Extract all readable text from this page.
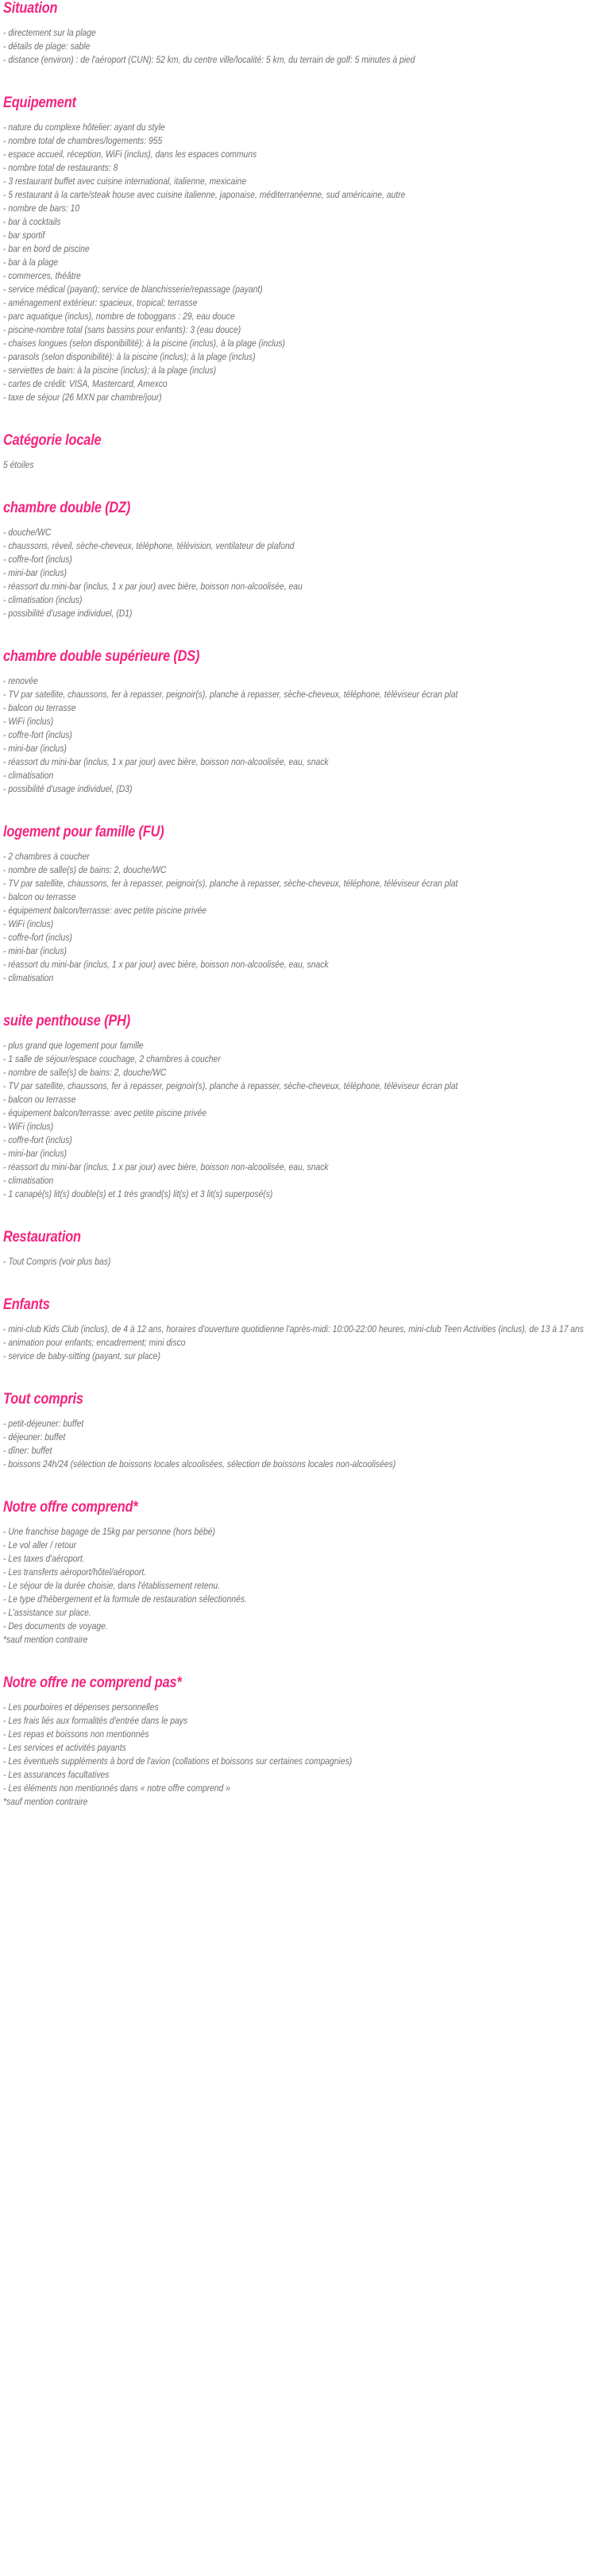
Situation
- directement sur la plage
- détails de plage: sable
- distance (environ) : de l'aéroport (CUN): 52 km, du centre ville/localité: 5 km, du terrain de golf: 5 minutes à pied
Equipement
- nature du complexe hôtelier: ayant du style
- nombre total de chambres/logements: 955
- espace accueil, réception, WiFi (inclus), dans les espaces communs
- nombre total de restaurants: 8
- 3 restaurant buffet avec cuisine international, italienne, mexicaine
- 5 restaurant à la carte/steak house avec cuisine italienne, japonaise, méditerranéenne, sud américaine, autre
- nombre de bars: 10
- bar à cocktails
- bar sportif
- bar en bord de piscine
- bar à la plage
- commerces, théâtre
- service médical (payant); service de blanchisserie/repassage (payant)
- aménagement extérieur: spacieux, tropical; terrasse
- parc aquatique (inclus), nombre de toboggans : 29, eau douce
- piscine-nombre total (sans bassins pour enfants): 3 (eau douce)
- chaises longues (selon disponibillité): à la piscine (inclus), à la plage (inclus)
- parasols (selon disponibilité): à la piscine (inclus); à la plage (inclus)
- serviettes de bain: à la piscine (inclus); à la plage (inclus)
- cartes de crédit: VISA, Mastercard, Amexco
- taxe de séjour (26 MXN par chambre/jour)
Catégorie locale
5 étoiles
chambre double (DZ)
- douche/WC
- chaussons, réveil, sèche-cheveux, téléphone, télévision, ventilateur de plafond
- coffre-fort (inclus)
- mini-bar (inclus)
- réassort du mini-bar (inclus, 1 x par jour) avec bière, boisson non-alcoolisée, eau
- climatisation (inclus)
- possibilité d'usage individuel, (D1)
chambre double supérieure (DS)
- renovée
- TV par satellite, chaussons, fer à repasser, peignoir(s), planche à repasser, sèche-cheveux, téléphone, téléviseur écran plat
- balcon ou terrasse
- WiFi (inclus)
- coffre-fort (inclus)
- mini-bar (inclus)
- réassort du mini-bar (inclus, 1 x par jour) avec bière, boisson non-alcoolisée, eau, snack
- climatisation
- possibilité d'usage individuel, (D3)
logement pour famille (FU)
- 2 chambres à coucher
- nombre de salle(s) de bains: 2, douche/WC
- TV par satellite, chaussons, fer à repasser, peignoir(s), planche à repasser, sèche-cheveux, téléphone, téléviseur écran plat
- balcon ou terrasse
- équipement balcon/terrasse: avec petite piscine privée
- WiFi (inclus)
- coffre-fort (inclus)
- mini-bar (inclus)
- réassort du mini-bar (inclus, 1 x par jour) avec bière, boisson non-alcoolisée, eau, snack
- climatisation
suite penthouse (PH)
- plus grand que logement pour famille
- 1 salle de séjour/espace couchage, 2 chambres à coucher
- nombre de salle(s) de bains: 2, douche/WC
- TV par satellite, chaussons, fer à repasser, peignoir(s), planche à repasser, sèche-cheveux, téléphone, téléviseur écran plat
- balcon ou terrasse
- équipement balcon/terrasse: avec petite piscine privée
- WiFi (inclus)
- coffre-fort (inclus)
- mini-bar (inclus)
- réassort du mini-bar (inclus, 1 x par jour) avec bière, boisson non-alcoolisée, eau, snack
- climatisation
- 1 canapé(s) lit(s) double(s) et 1 très grand(s) lit(s) et 3 lit(s) superposé(s)
Restauration
- Tout Compris (voir plus bas)
Enfants
- mini-club Kids Club (inclus), de 4 à 12 ans, horaires d'ouverture quotidienne l'après-midi: 10:00-22:00 heures, mini-club Teen Activities (inclus), de 13 à 17 ans
- animation pour enfants; encadrement; mini disco
- service de baby-sitting (payant, sur place)
Tout compris
- petit-déjeuner: buffet
- déjeuner: buffet
- dîner: buffet
- boissons 24h/24 (sélection de boissons locales alcoolisées, sélection de boissons locales non-alcoolisées)
Notre offre comprend*
- Une franchise bagage de 15kg par personne (hors bébé)
- Le vol aller / retour
- Les taxes d'aéroport.
- Les transferts aéroport/hôtel/aéroport.
- Le séjour de la durée choisie, dans l'établissement retenu.
- Le type d'hébergement et la formule de restauration sélectionnés.
- L'assistance sur place.
- Des documents de voyage.
*sauf mention contraire
Notre offre ne comprend pas*
- Les pourboires et dépenses personnelles
- Les frais liés aux formalités d'entrée dans le pays
- Les repas et boissons non mentionnés
- Les services et activités payants
- Les éventuels suppléments à bord de l'avion (collations et boissons sur certaines compagnies)
- Les assurances facultatives
- Les éléments non mentionnés dans « notre offre comprend »
*sauf mention contraire
